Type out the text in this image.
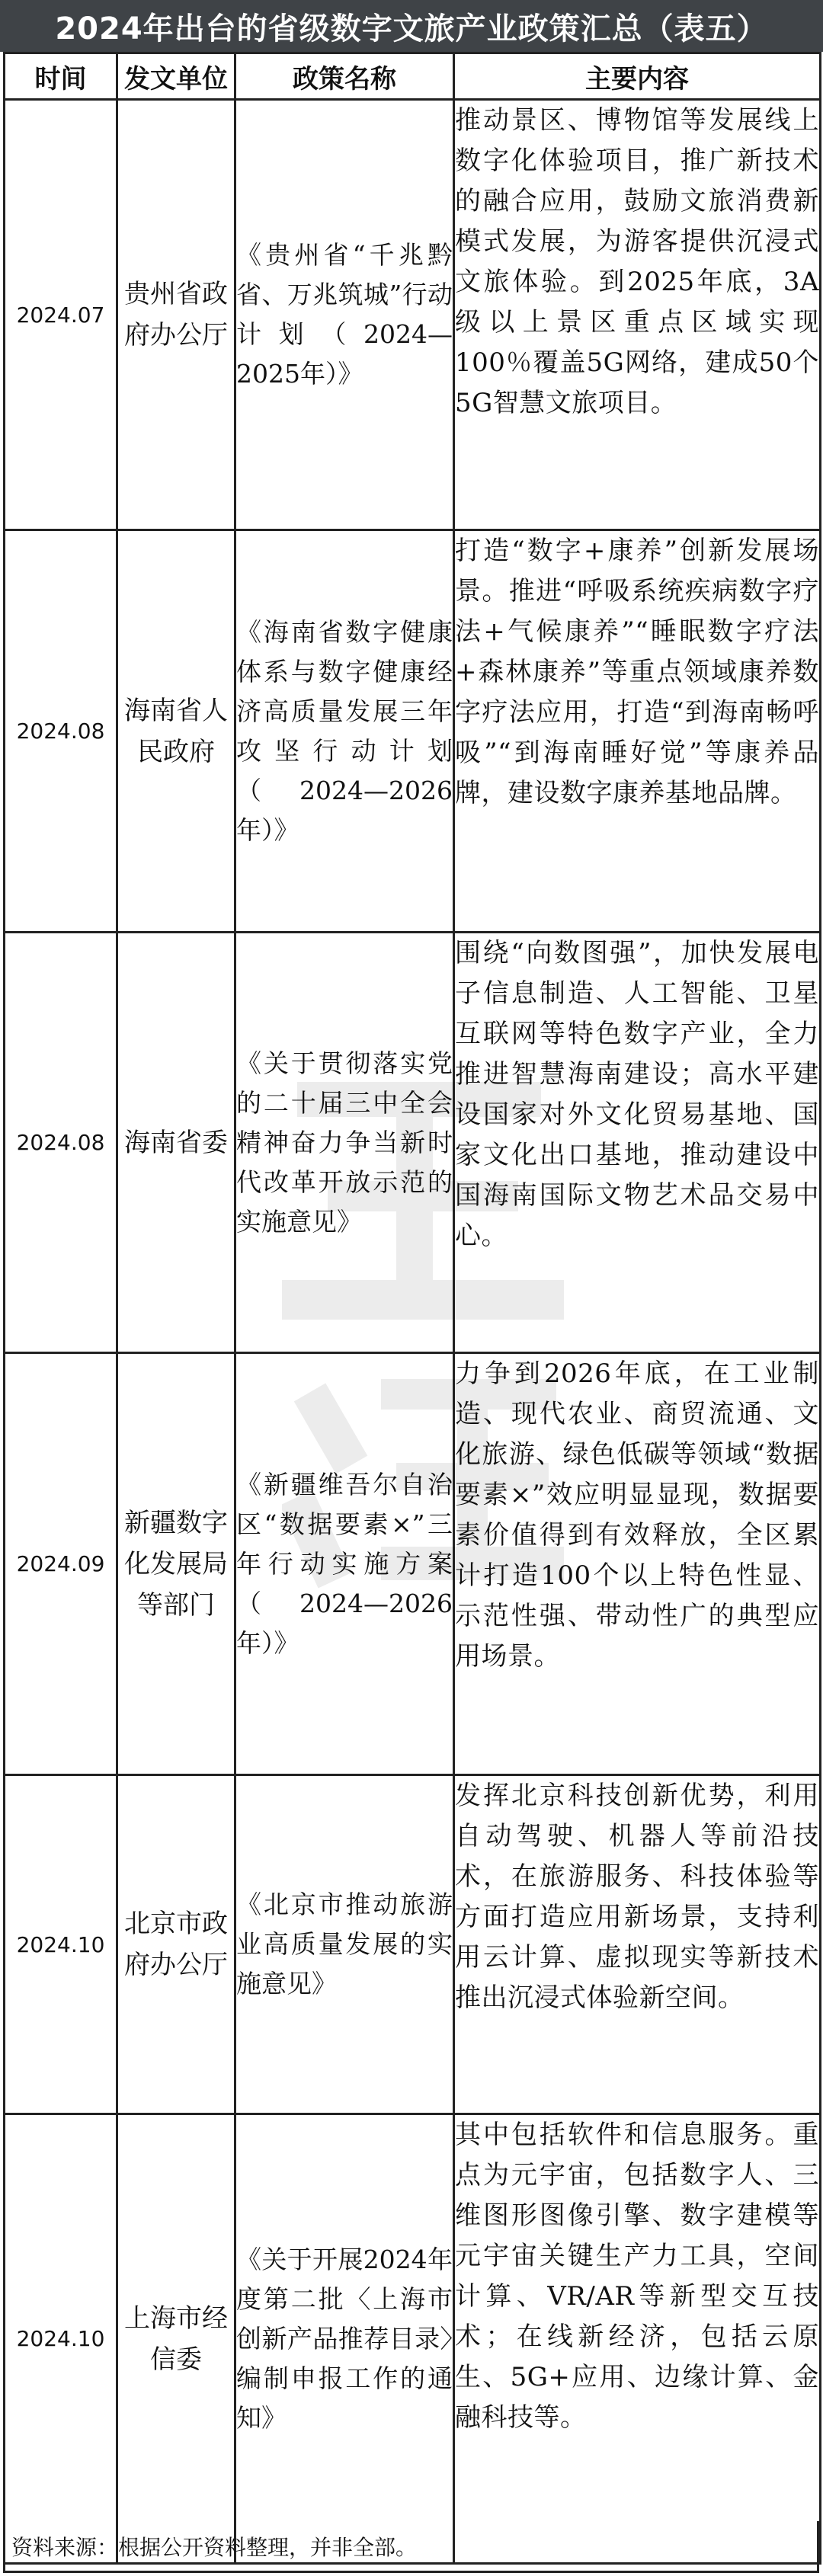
2024年出台的省级数字文旅产业政策汇总（表五）
时间	发文单位	政策名称	主要内容
2024.07	贵州省政府办公厅	《贵州省“千兆黔省、万兆筑城”行动计划（2024—2025年）》	推动景区、博物馆等发展线上数字化体验项目，推广新技术的融合应用，鼓励文旅消费新模式发展，为游客提供沉浸式文旅体验。到2025年底，3A级以上景区重点区域实现100％覆盖5G网络，建成50个5G智慧文旅项目。
2024.08	海南省人民政府	《海南省数字健康体系与数字健康经济高质量发展三年攻坚行动计划（2024—2026年）》	打造“数字+康养”创新发展场景。推进“呼吸系统疾病数字疗法+气候康养”“睡眠数字疗法+森林康养”等重点领域康养数字疗法应用，打造“到海南畅呼吸”“到海南睡好觉”等康养品牌，建设数字康养基地品牌。
2024.08	海南省委	《关于贯彻落实党的二十届三中全会精神奋力争当新时代改革开放示范的实施意见》	围绕“向数图强”，加快发展电子信息制造、人工智能、卫星互联网等特色数字产业，全力推进智慧海南建设；高水平建设国家对外文化贸易基地、国家文化出口基地，推动建设中国海南国际文物艺术品交易中心。
2024.09	新疆数字化发展局等部门	《新疆维吾尔自治区“数据要素×”三年行动实施方案（2024—2026年）》	力争到2026年底，在工业制造、现代农业、商贸流通、文化旅游、绿色低碳等领域“数据要素×”效应明显显现，数据要素价值得到有效释放，全区累计打造100个以上特色性显、示范性强、带动性广的典型应用场景。
2024.10	北京市政府办公厅	《北京市推动旅游业高质量发展的实施意见》	发挥北京科技创新优势，利用自动驾驶、机器人等前沿技术，在旅游服务、科技体验等方面打造应用新场景，支持利用云计算、虚拟现实等新技术推出沉浸式体验新空间。
2024.10	上海市经信委	《关于开展2024年度第二批〈上海市创新产品推荐目录〉编制申报工作的通知》	其中包括软件和信息服务。重点为元宇宙，包括数字人、三维图形图像引擎、数字建模等元宇宙关键生产力工具，空间计算、VR/AR等新型交互技术；在线新经济，包括云原生、5G+应用、边缘计算、金融科技等。
资料来源：根据公开资料整理，并非全部。
